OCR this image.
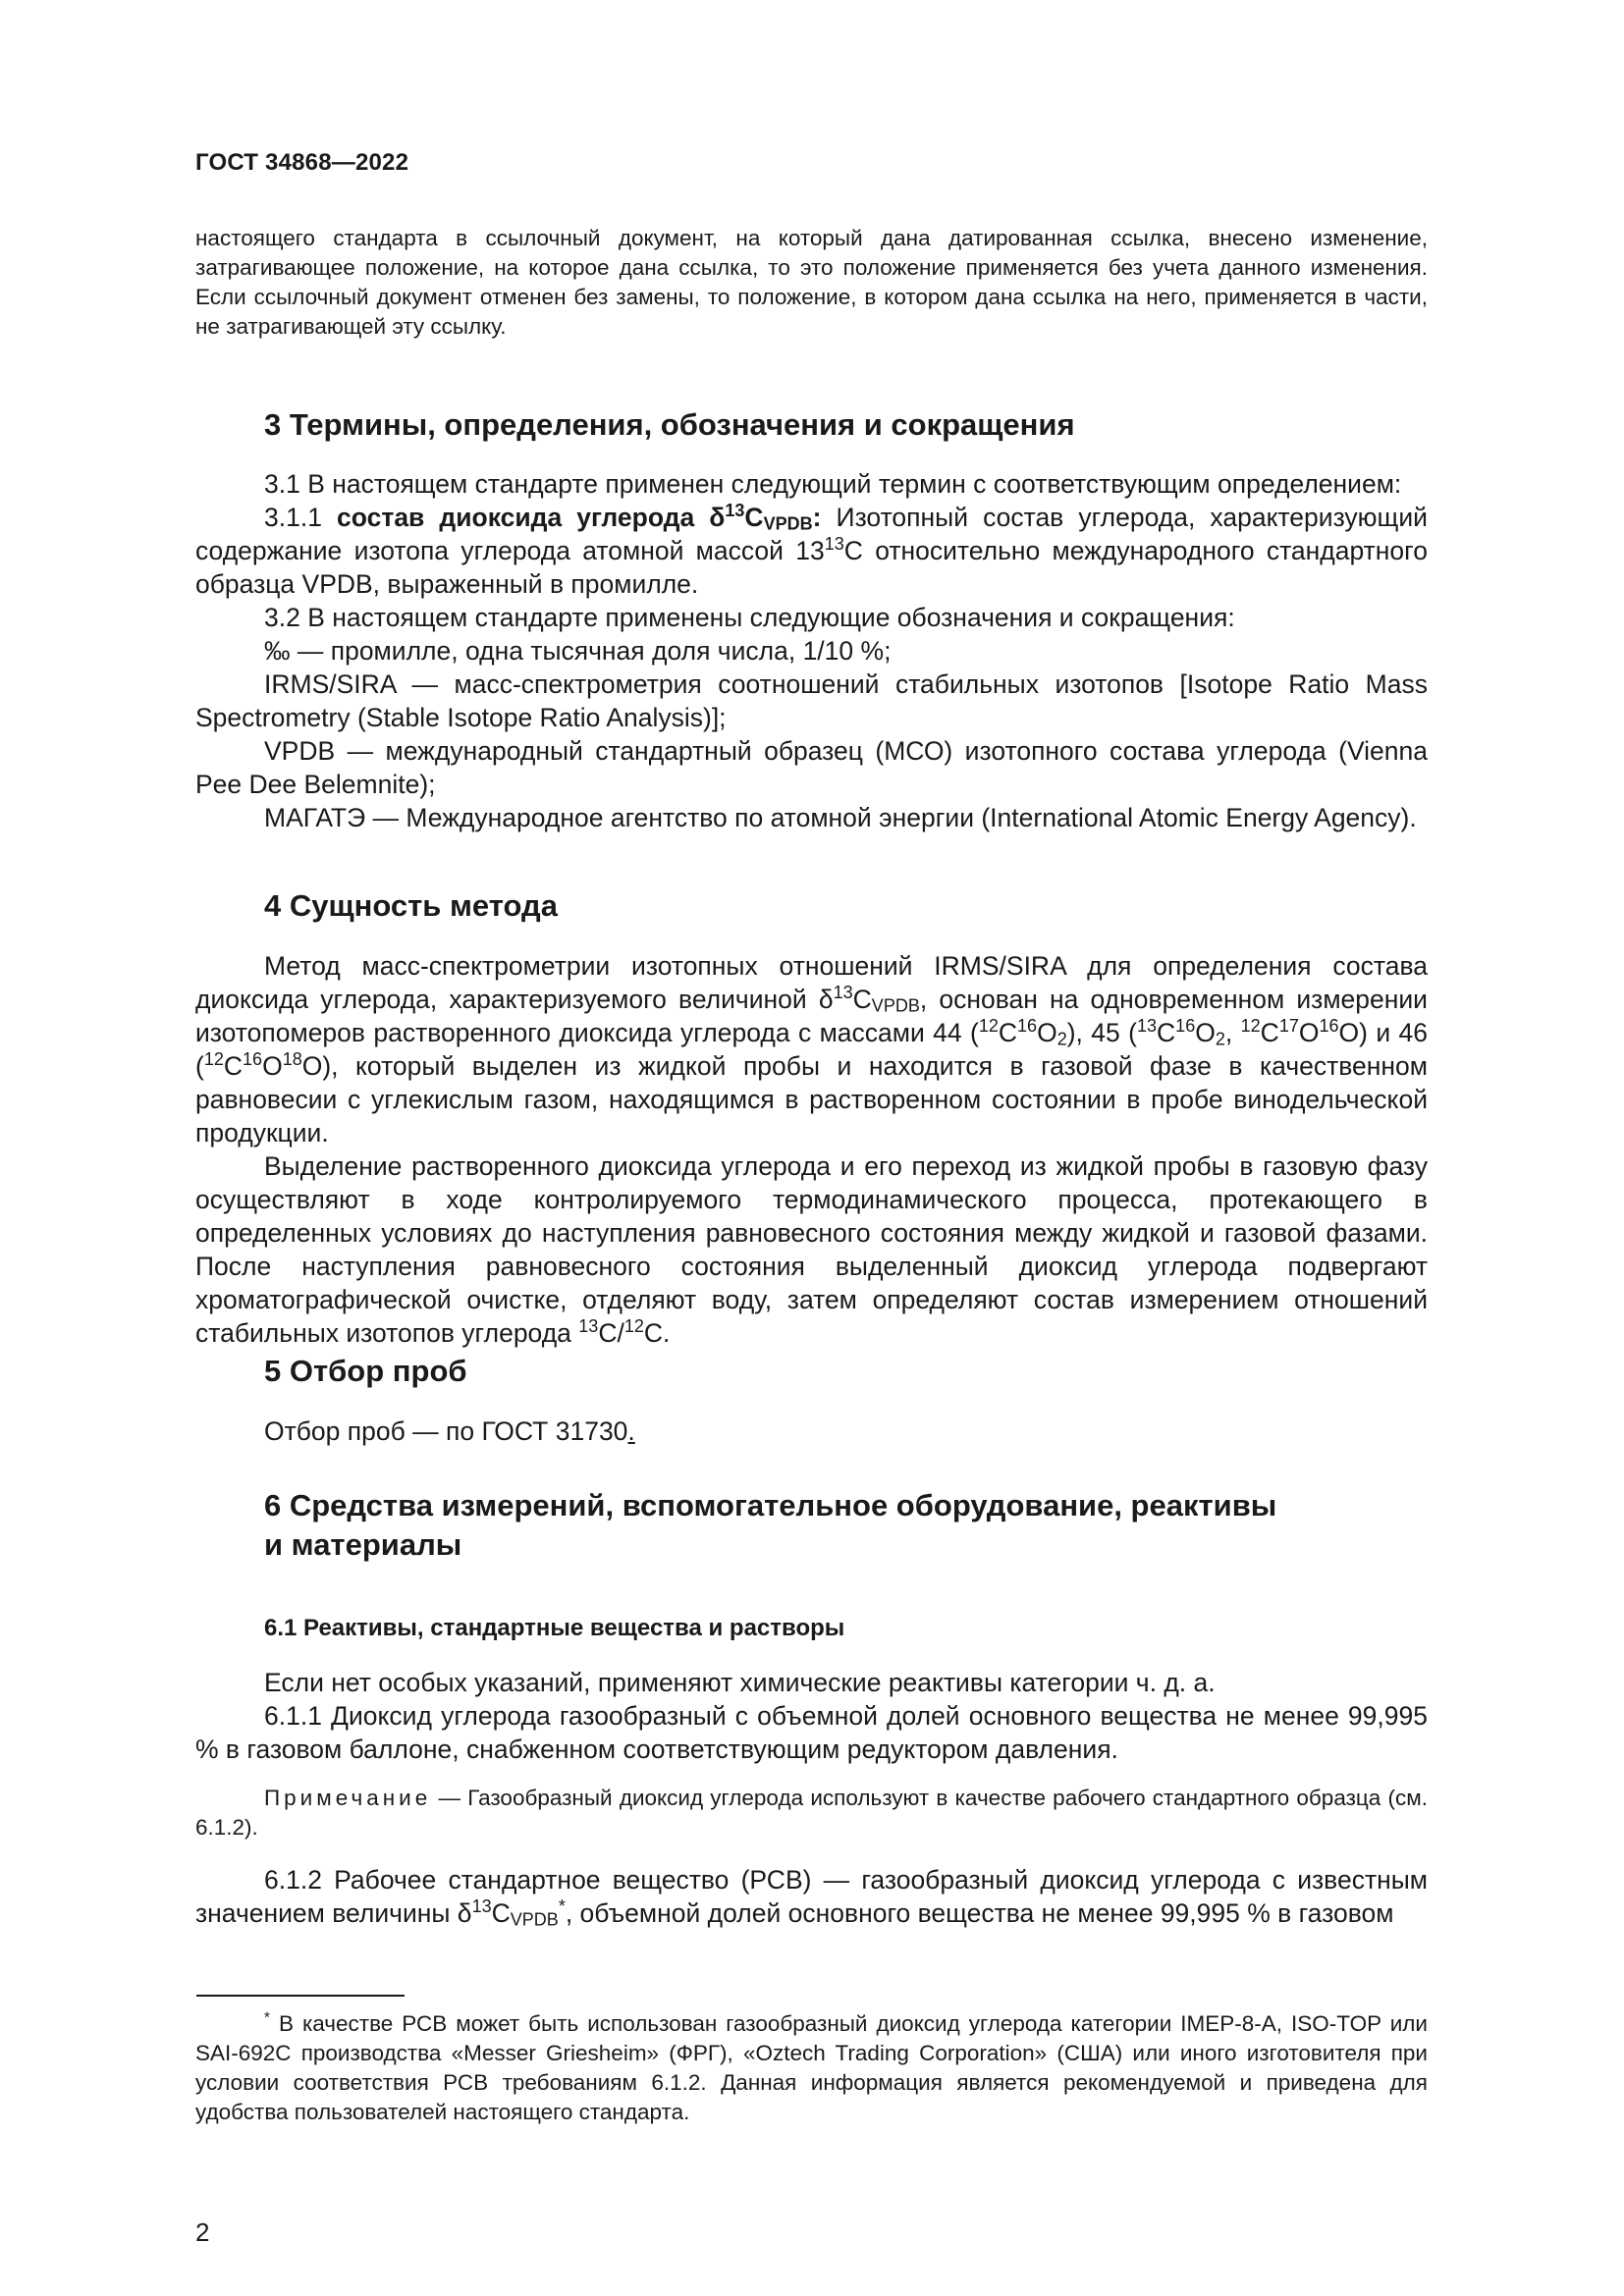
ГОСТ 34868—2022

настоящего стандарта в ссылочный документ, на который дана датированная ссылка, внесено изменение, затрагивающее положение, на которое дана ссылка, то это положение применяется без учета данного изменения. Если ссылочный документ отменен без замены, то положение, в котором дана ссылка на него, применяется в части, не затрагивающей эту ссылку.

3 Термины, определения, обозначения и сокращения

3.1 В настоящем стандарте применен следующий термин с соответствующим определением:

3.1.1 состав диоксида углерода $\delta^{13}C_{VPDB}$: Изотопный состав углерода, характеризующий содержание изотопа углерода атомной массой $13^{13}C$ относительно международного стандартного образца VPDB, выраженный в промилле.

3.2 В настоящем стандарте применены следующие обозначения и сокращения:

‰ — промилле, одна тысячная доля числа, 1/10 %;

IRMS/SIRA — масс-спектрометрия соотношений стабильных изотопов [Isotope Ratio Mass Spectrometry (Stable Isotope Ratio Analysis)];

VPDB — международный стандартный образец (МСО) изотопного состава углерода (Vienna Pee Dee Belemnite);

МАГАТЭ — Международное агентство по атомной энергии (International Atomic Energy Agency).

4 Сущность метода

Метод масс-спектрометрии изотопных отношений IRMS/SIRA для определения состава диоксида углерода, характеризуемого величиной $\delta^{13}C_{VPDB}$, основан на одновременном измерении изотопомеров растворенного диоксида углерода с массами 44 $(^{12}C^{16}O_2)$, 45 ($^{13}C^{16}O_2$, $^{12}C^{17}O^{16}O$) и 46 $(^{12}C^{16}O^{18}O)$, который выделен из жидкой пробы и находится в газовой фазе в качественном равновесии с углекислым газом, находящимся в растворенном состоянии в пробе винодельческой продукции.

Выделение растворенного диоксида углерода и его переход из жидкой пробы в газовую фазу осуществляют в ходе контролируемого термодинамического процесса, протекающего в определенных условиях до наступления равновесного состояния между жидкой и газовой фазами. После наступления равновесного состояния выделенный диоксид углерода подвергают хроматографической очистке, отделяют воду, затем определяют состав измерением отношений стабильных изотопов углерода $^{13}$C/$^{12}$C.

5 Отбор проб

Отбор проб — по ГОСТ 31730.

6 Средства измерений, вспомогательное оборудование, реактивы
и материалы
6.1 Реактивы, стандартные вещества и растворы

Если нет особых указаний, применяют химические реактивы категории ч. д. а.

6.1.1 Диоксид углерода газообразный с объемной долей основного вещества не менее 99,995 % в газовом баллоне, снабженном соответствующим редуктором давления.

Примечание — Газообразный диоксид углерода используют в качестве рабочего стандартного образца (см. 6.1.2).

6.1.2 Рабочее стандартное вещество (РСВ) — газообразный диоксид углерода с известным значением величины $\delta^{13}C_{VPDB}^*$, объемной долей основного вещества не менее 99,995 % в газовом

* В качестве РСВ может быть использован газообразный диоксид углерода категории IMEP-8-A, ISO-TOP или SAI-692C производства «Messer Griesheim» (ФРГ), «Oztech Trading Corporation» (США) или иного изготовителя при условии соответствия РСВ требованиям 6.1.2. Данная информация является рекомендуемой и приведена для удобства пользователей настоящего стандарта.

2
